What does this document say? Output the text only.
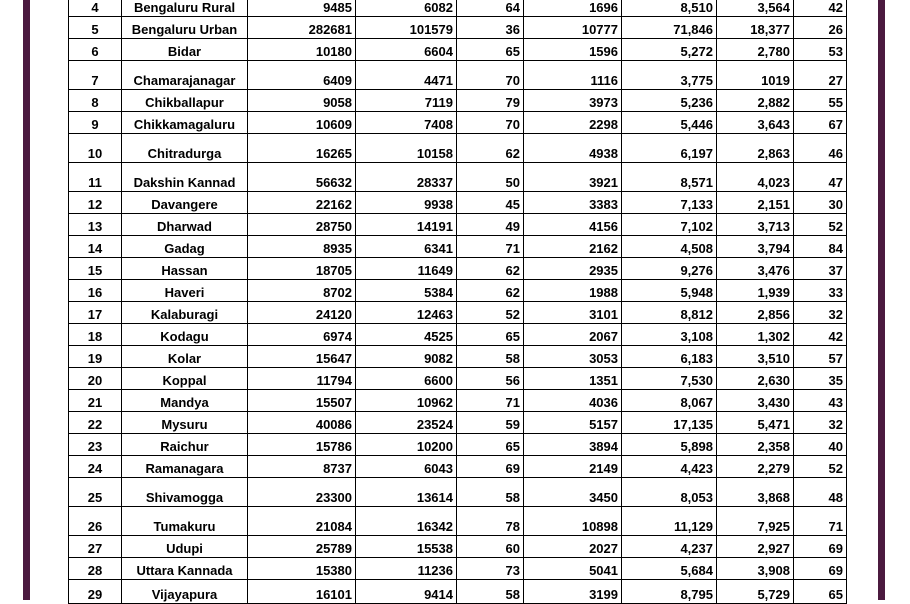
4	Bengaluru Rural	9485	6082	64	1696	8,510	3,564	42
5	Bengaluru Urban	282681	101579	36	10777	71,846	18,377	26
6	Bidar	10180	6604	65	1596	5,272	2,780	53
7	Chamarajanagar	6409	4471	70	1116	3,775	1019	27
8	Chikballapur	9058	7119	79	3973	5,236	2,882	55
9	Chikkamagaluru	10609	7408	70	2298	5,446	3,643	67
10	Chitradurga	16265	10158	62	4938	6,197	2,863	46
11	Dakshin Kannad	56632	28337	50	3921	8,571	4,023	47
12	Davangere	22162	9938	45	3383	7,133	2,151	30
13	Dharwad	28750	14191	49	4156	7,102	3,713	52
14	Gadag	8935	6341	71	2162	4,508	3,794	84
15	Hassan	18705	11649	62	2935	9,276	3,476	37
16	Haveri	8702	5384	62	1988	5,948	1,939	33
17	Kalaburagi	24120	12463	52	3101	8,812	2,856	32
18	Kodagu	6974	4525	65	2067	3,108	1,302	42
19	Kolar	15647	9082	58	3053	6,183	3,510	57
20	Koppal	11794	6600	56	1351	7,530	2,630	35
21	Mandya	15507	10962	71	4036	8,067	3,430	43
22	Mysuru	40086	23524	59	5157	17,135	5,471	32
23	Raichur	15786	10200	65	3894	5,898	2,358	40
24	Ramanagara	8737	6043	69	2149	4,423	2,279	52
25	Shivamogga	23300	13614	58	3450	8,053	3,868	48
26	Tumakuru	21084	16342	78	10898	11,129	7,925	71
27	Udupi	25789	15538	60	2027	4,237	2,927	69
28	Uttara Kannada	15380	11236	73	5041	5,684	3,908	69
29	Vijayapura	16101	9414	58	3199	8,795	5,729	65
